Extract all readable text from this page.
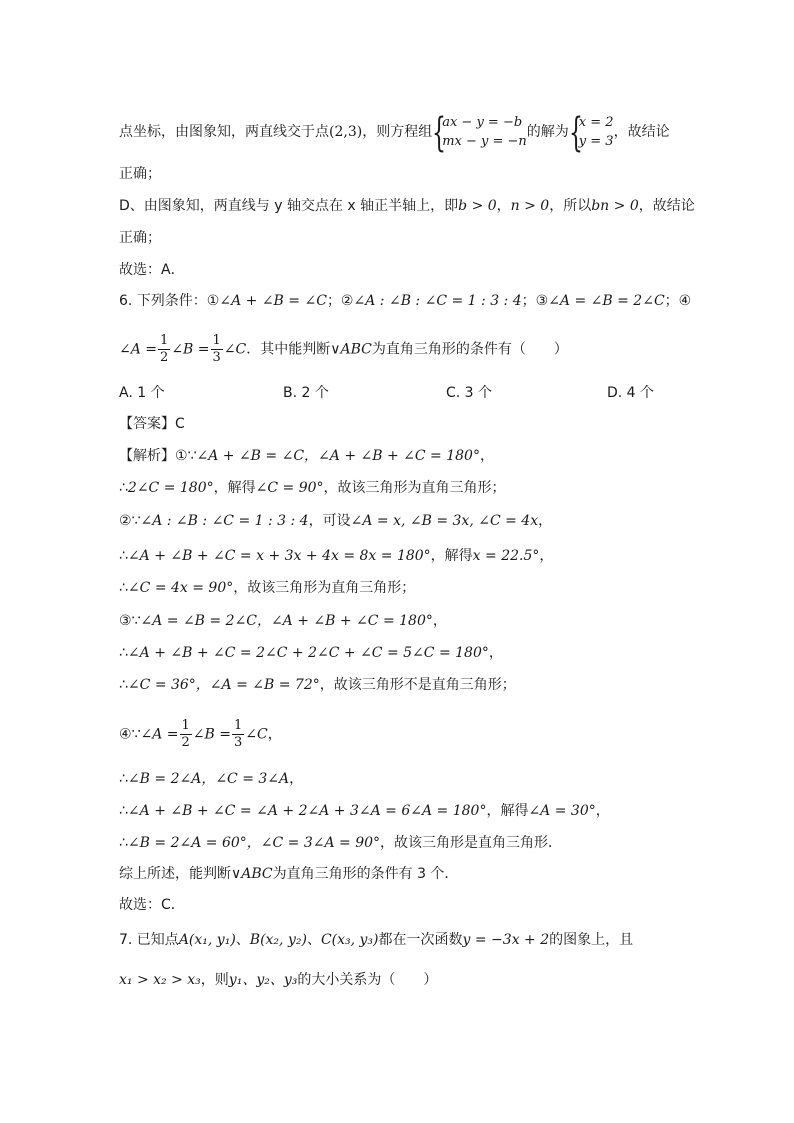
点坐标，由图象知，两直线交于点(2,3)，则方程组 {
ax − y = −b
mx − y = −n
的解为 {
x = 2
y = 3
，故结论
正确；
D、由图象知，两直线与 y 轴交点在 x 轴正半轴上，即b > 0，n > 0，所以bn > 0，故结论
正确；
故选：A．
6. 下列条件：①∠A + ∠B = ∠C；②∠A : ∠B : ∠C = 1 : 3 : 4；③∠A = ∠B = 2∠C；④
∠A = $\frac{1}{2}$ ∠B = $\frac{1}{3}$ ∠C．其中能判断∨ABC为直角三角形的条件有（　　）
A. 1 个	B. 2 个	C. 3 个	D. 4 个
【答案】C
【解析】①∵∠A + ∠B = ∠C，∠A + ∠B + ∠C = 180°，
∴2∠C = 180°，解得∠C = 90°，故该三角形为直角三角形；
②∵∠A : ∠B : ∠C = 1 : 3 : 4，可设∠A = x, ∠B = 3x, ∠C = 4x，
∴∠A + ∠B + ∠C = x + 3x + 4x = 8x = 180°，解得x = 22.5°，
∴∠C = 4x = 90°，故该三角形为直角三角形；
③∵∠A = ∠B = 2∠C，∠A + ∠B + ∠C = 180°，
∴∠A + ∠B + ∠C = 2∠C + 2∠C + ∠C = 5∠C = 180°，
∴∠C = 36°，∠A = ∠B = 72°，故该三角形不是直角三角形；
④∵∠A = $\frac{1}{2}$ ∠B = $\frac{1}{3}$ ∠C，
∴∠B = 2∠A，∠C = 3∠A，
∴∠A + ∠B + ∠C = ∠A + 2∠A + 3∠A = 6∠A = 180°，解得∠A = 30°，
∴∠B = 2∠A = 60°，∠C = 3∠A = 90°，故该三角形是直角三角形．
综上所述，能判断∨ABC为直角三角形的条件有 3 个．
故选：C．
7. 已知点A(x₁, y₁)、B(x₂, y₂)、C(x₃, y₃)都在一次函数y = −3x + 2的图象上，且
x₁ > x₂ > x₃，则y₁、y₂、y₃的大小关系为（　　）
